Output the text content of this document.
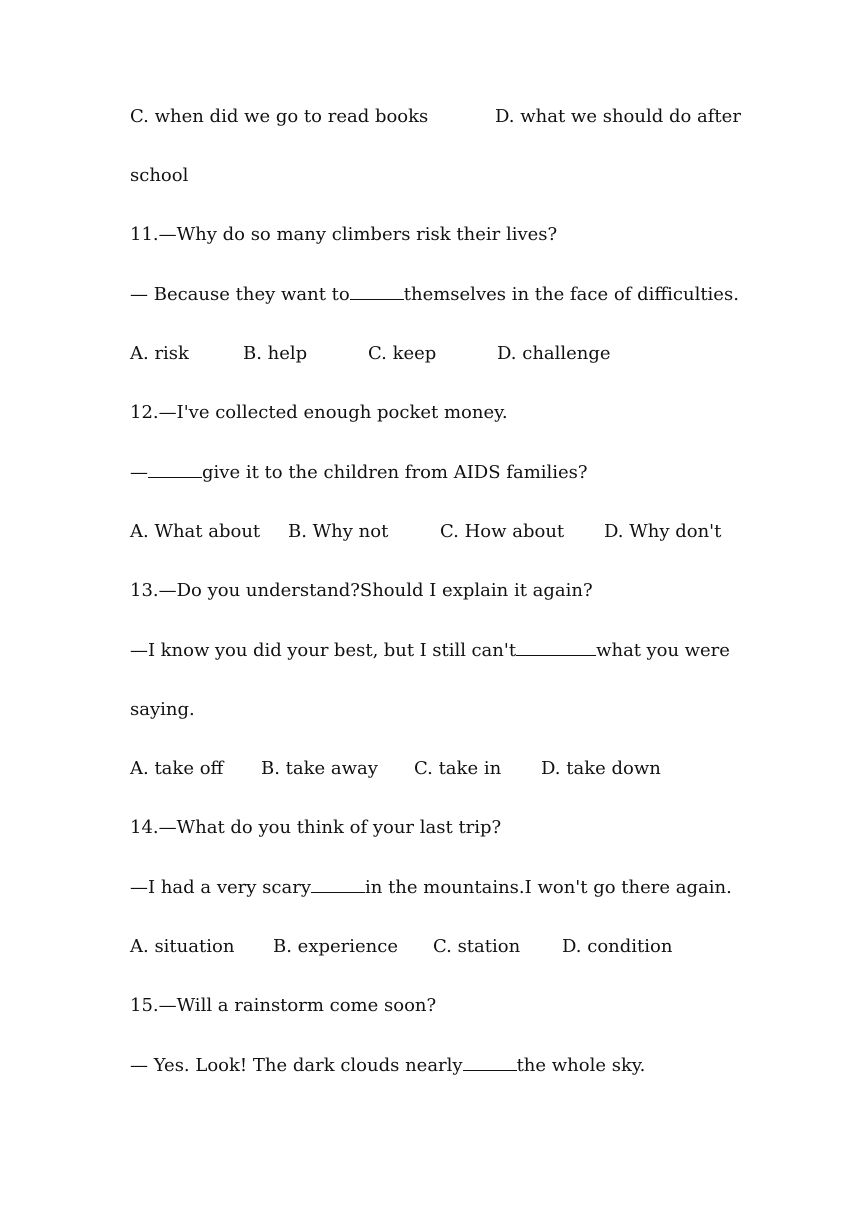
C. when did we go to read books	D. what we should do after
school
11.—Why do so many climbers risk their lives?
— Because they want to	themselves in the face of difficulties.
A. risk	B. help	C. keep	D. challenge
12.—I've collected enough pocket money.
—	give it to the children from AIDS families?
A. What about B. Why not	C. How about D. Why don't
13.—Do you understand?Should I explain it again?
—I know you did your best, but I still can't	what you were
saying.
A. take off B. take away C. take in D. take down
14.—What do you think of your last trip?
—I had a very scary	in the mountains.I won't go there again.
A. situation B. experience C. station D. condition
15.—Will a rainstorm come soon?
— Yes. Look! The dark clouds nearly	the whole sky.
